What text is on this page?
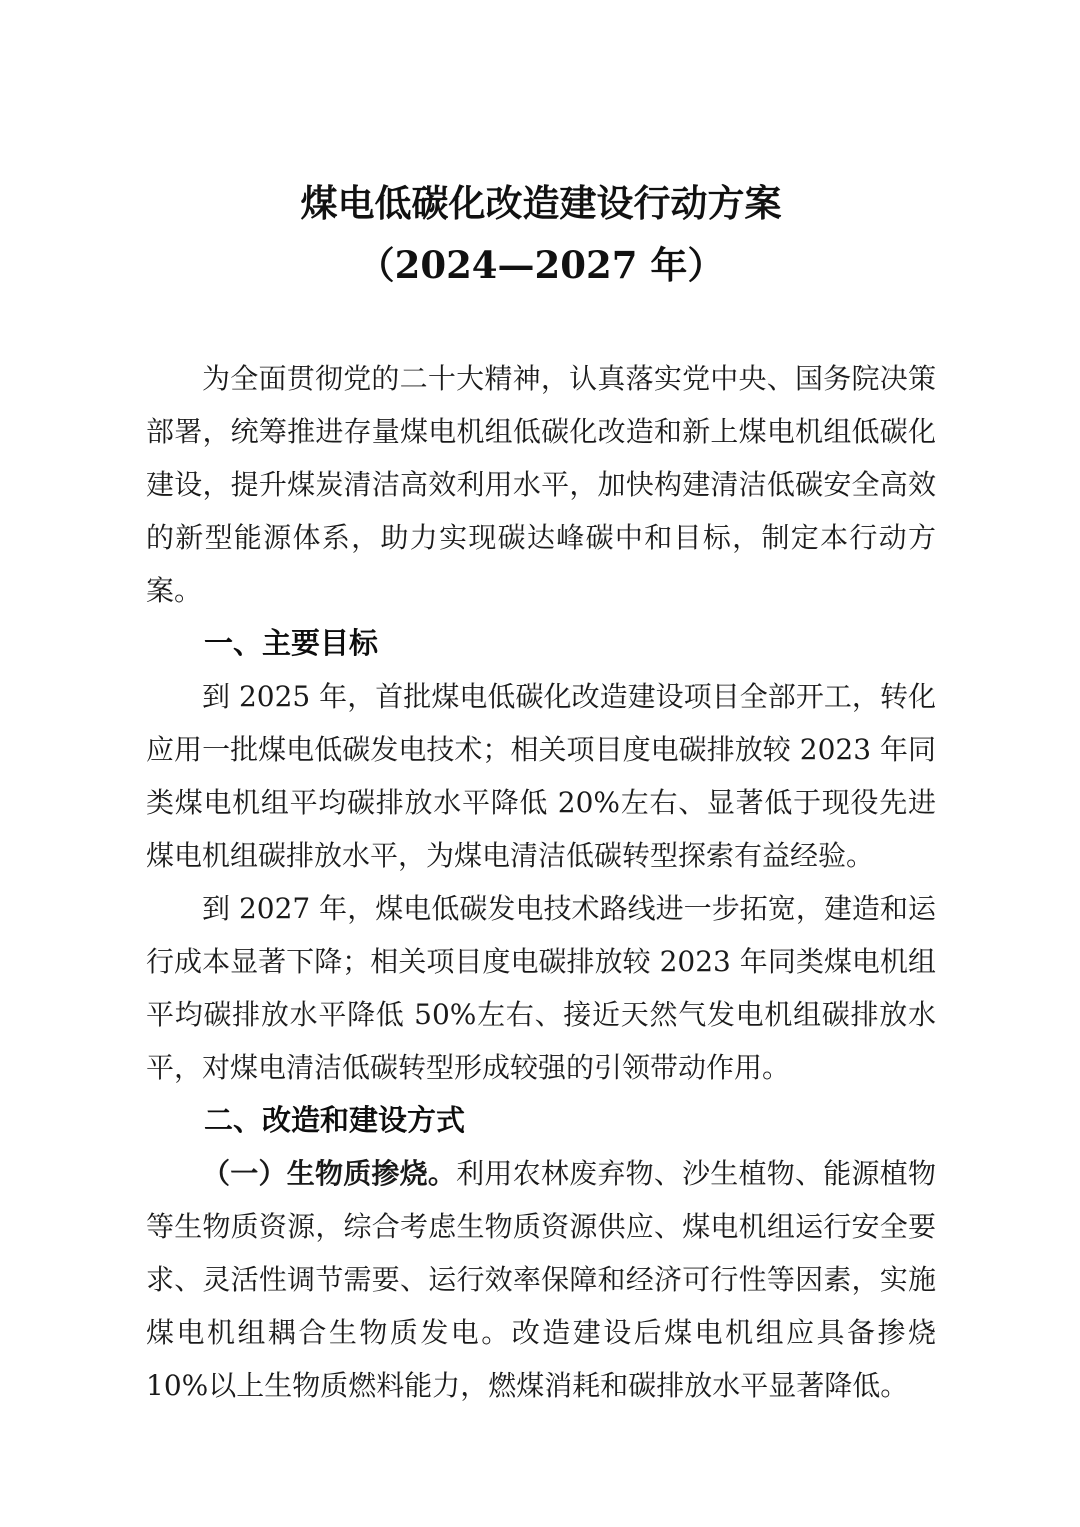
煤电低碳化改造建设行动方案
（2024—2027 年）

为全面贯彻党的二十大精神，认真落实党中央、国务院决策部署，统筹推进存量煤电机组低碳化改造和新上煤电机组低碳化建设，提升煤炭清洁高效利用水平，加快构建清洁低碳安全高效的新型能源体系，助力实现碳达峰碳中和目标，制定本行动方案。

一、主要目标

到 2025 年，首批煤电低碳化改造建设项目全部开工，转化应用一批煤电低碳发电技术；相关项目度电碳排放较 2023 年同类煤电机组平均碳排放水平降低 20%左右、显著低于现役先进煤电机组碳排放水平，为煤电清洁低碳转型探索有益经验。

到 2027 年，煤电低碳发电技术路线进一步拓宽，建造和运行成本显著下降；相关项目度电碳排放较 2023 年同类煤电机组平均碳排放水平降低 50%左右、接近天然气发电机组碳排放水平，对煤电清洁低碳转型形成较强的引领带动作用。

二、改造和建设方式

（一）生物质掺烧。利用农林废弃物、沙生植物、能源植物等生物质资源，综合考虑生物质资源供应、煤电机组运行安全要求、灵活性调节需要、运行效率保障和经济可行性等因素，实施煤电机组耦合生物质发电。改造建设后煤电机组应具备掺烧 10%以上生物质燃料能力，燃煤消耗和碳排放水平显著降低。
